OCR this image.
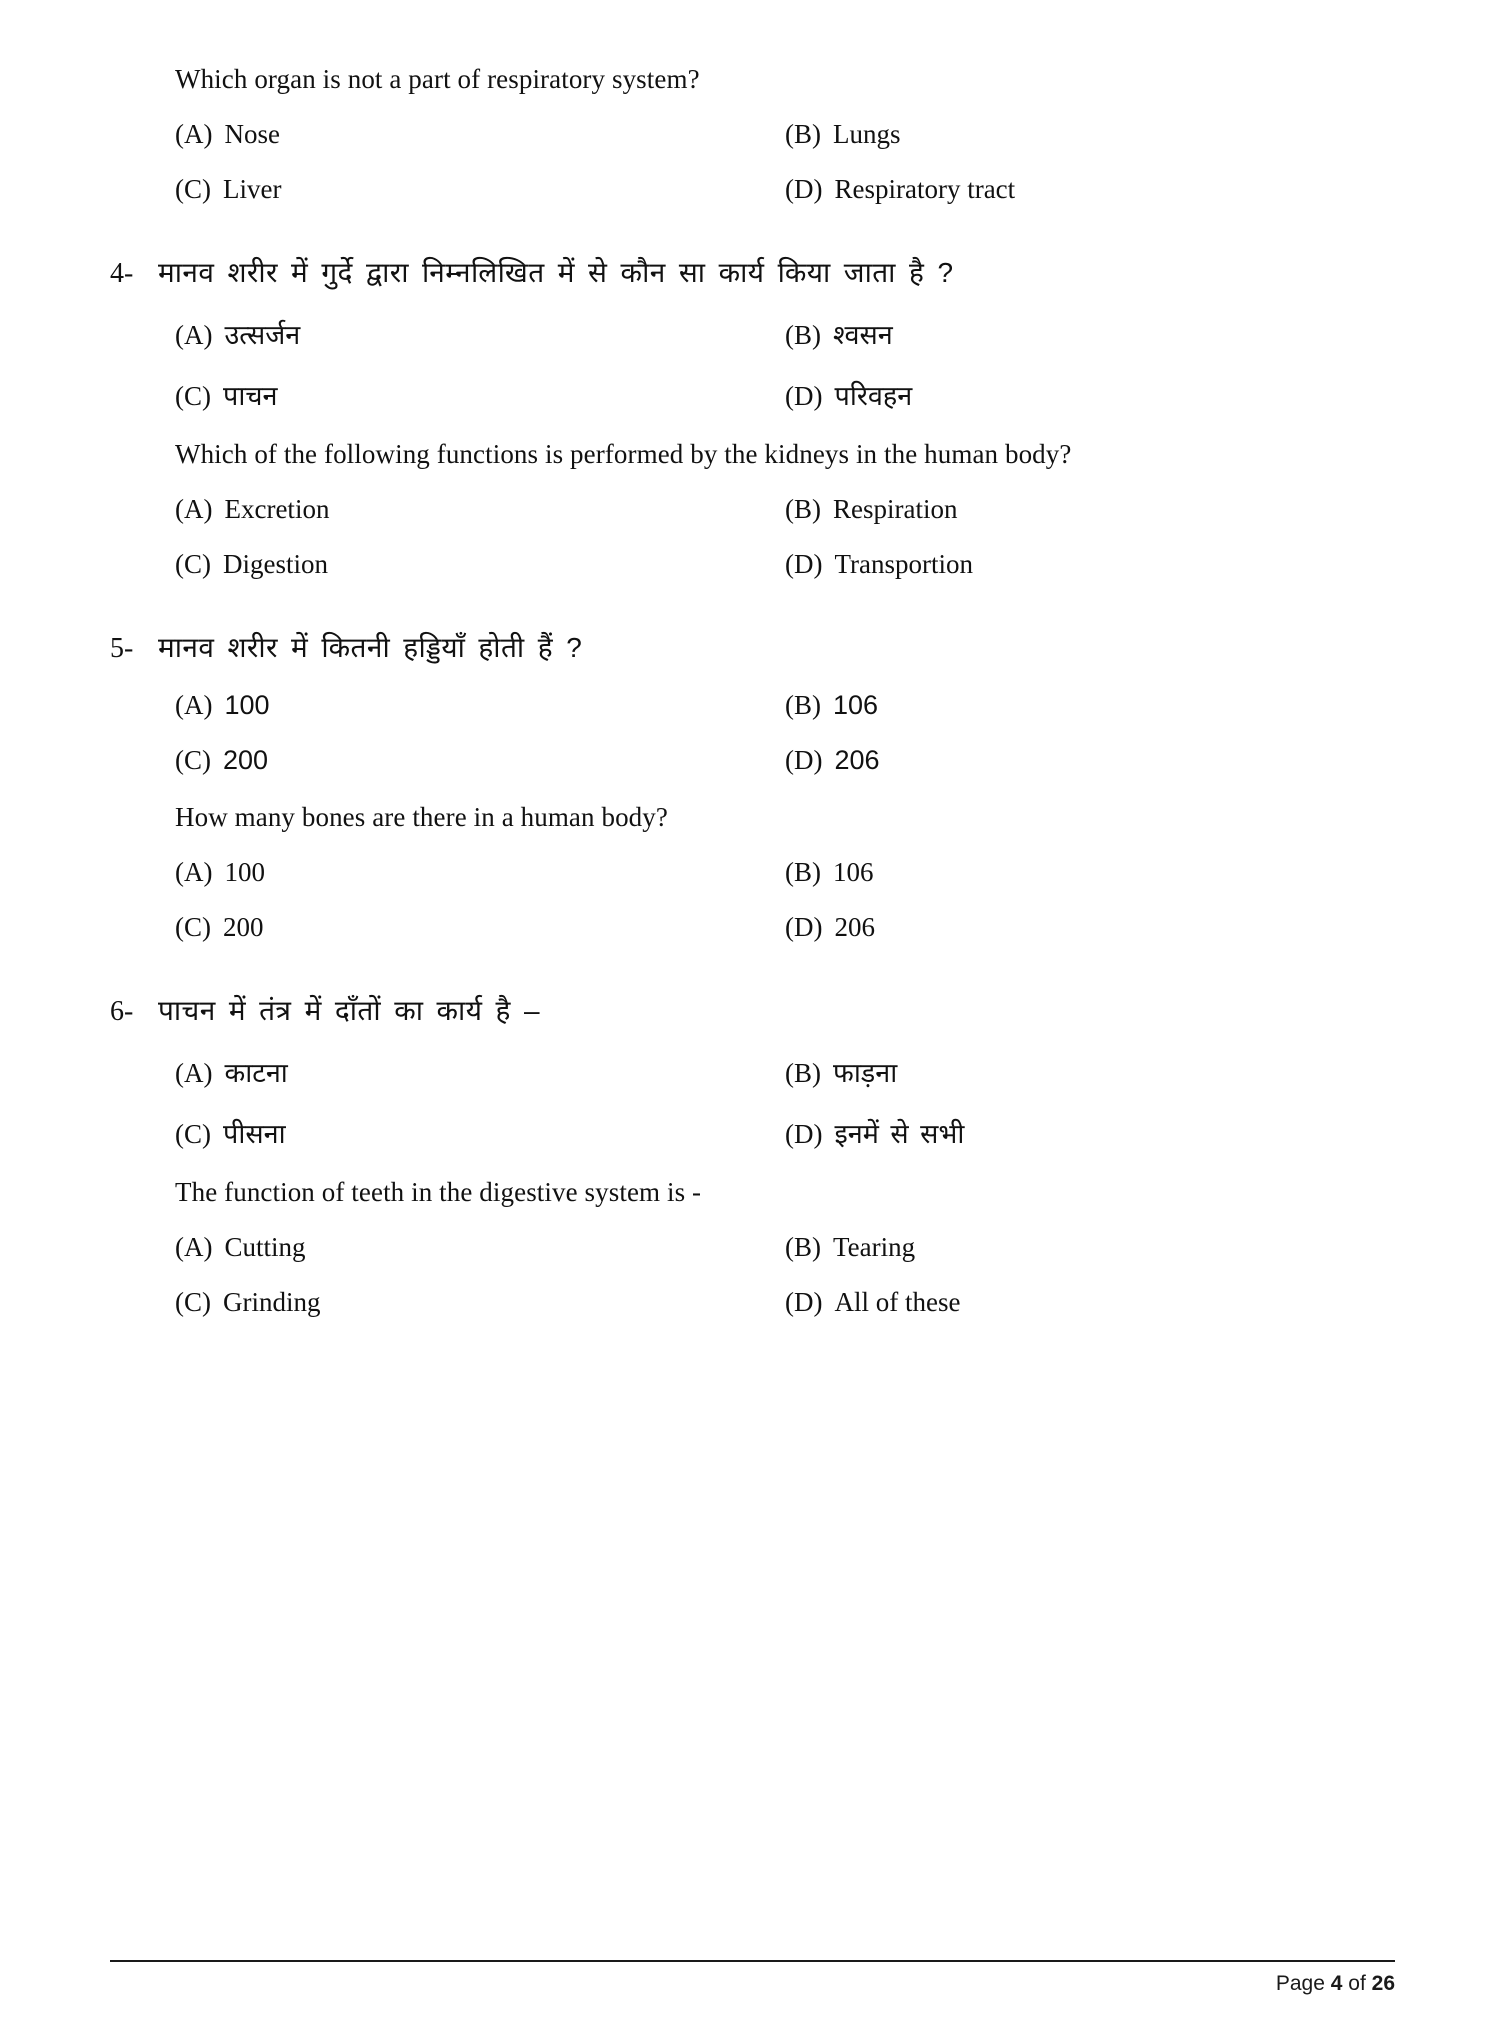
Which organ is not a part of respiratory system?
(A) Nose	(B) Lungs
(C) Liver	(D) Respiratory tract
4- मानव शरीर में गुर्दे द्वारा निम्नलिखित में से कौन सा कार्य किया जाता है ?
(A) उत्सर्जन	(B) श्वसन
(C) पाचन	(D) परिवहन
Which of the following functions is performed by the kidneys in the human body?
(A) Excretion	(B) Respiration
(C) Digestion	(D) Transportion
5- मानव शरीर में कितनी हड्डियाँ होती हैं ?
(A) 100	(B) 106
(C) 200	(D) 206
How many bones are there in a human body?
(A) 100	(B) 106
(C) 200	(D) 206
6- पाचन में तंत्र में दाँतों का कार्य है –
(A) काटना	(B) फाड़ना
(C) पीसना	(D) इनमें से सभी
The function of teeth in the digestive system is -
(A) Cutting	(B) Tearing
(C) Grinding	(D) All of these
Page 4 of 26
